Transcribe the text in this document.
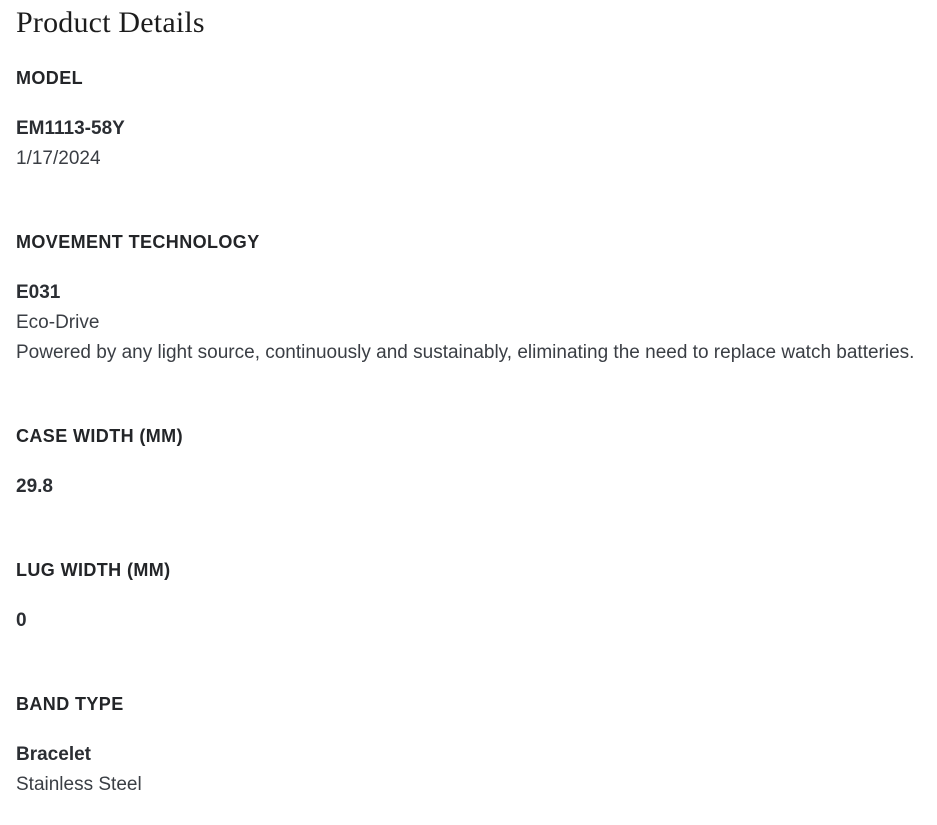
Product Details
MODEL
EM1113-58Y
1/17/2024
MOVEMENT TECHNOLOGY
E031
Eco-Drive
Powered by any light source, continuously and sustainably, eliminating the need to replace watch batteries.
CASE WIDTH (MM)
29.8
LUG WIDTH (MM)
0
BAND TYPE
Bracelet
Stainless Steel
